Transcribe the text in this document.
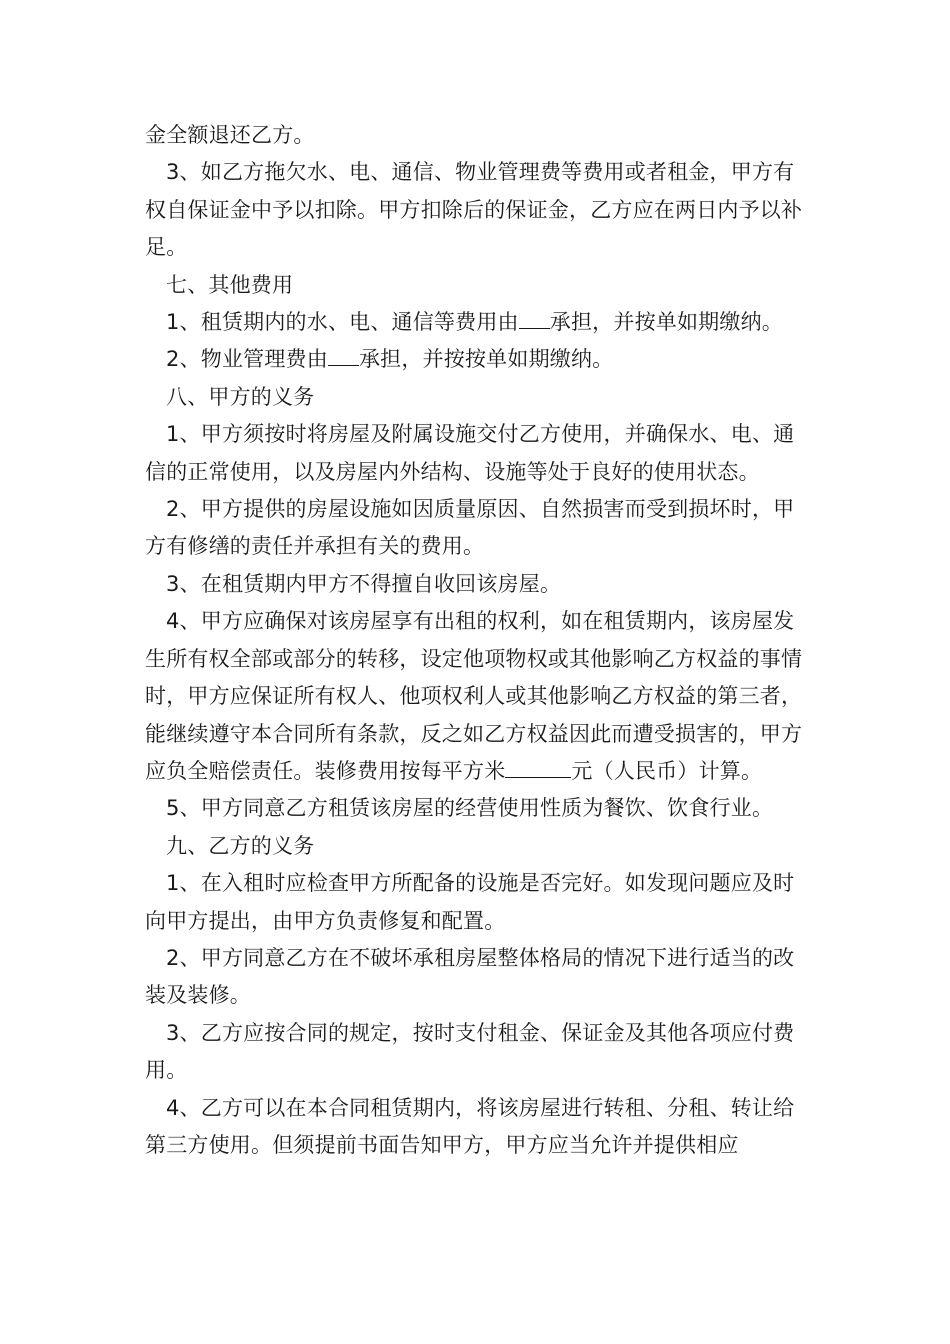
金全额退还乙方。

3、如乙方拖欠水、电、通信、物业管理费等费用或者租金，甲方有权自保证金中予以扣除。甲方扣除后的保证金，乙方应在两日内予以补足。

七、其他费用

1、租赁期内的水、电、通信等费用由 承担，并按单如期缴纳。

2、物业管理费由 承担，并按按单如期缴纳。

八、甲方的义务

1、甲方须按时将房屋及附属设施交付乙方使用，并确保水、电、通信的正常使用，以及房屋内外结构、设施等处于良好的使用状态。

2、甲方提供的房屋设施如因质量原因、自然损害而受到损坏时，甲方有修缮的责任并承担有关的费用。

3、在租赁期内甲方不得擅自收回该房屋。

4、甲方应确保对该房屋享有出租的权利，如在租赁期内，该房屋发生所有权全部或部分的转移，设定他项物权或其他影响乙方权益的事情时，甲方应保证所有权人、他项权利人或其他影响乙方权益的第三者，能继续遵守本合同所有条款，反之如乙方权益因此而遭受损害的，甲方应负全赔偿责任。装修费用按每平方米	元（人民币）计算。

5、甲方同意乙方租赁该房屋的经营使用性质为餐饮、饮食行业。

九、乙方的义务

1、在入租时应检查甲方所配备的设施是否完好。如发现问题应及时向甲方提出，由甲方负责修复和配置。

2、甲方同意乙方在不破坏承租房屋整体格局的情况下进行适当的改装及装修。

3、乙方应按合同的规定，按时支付租金、保证金及其他各项应付费用。

4、乙方可以在本合同租赁期内，将该房屋进行转租、分租、转让给第三方使用。但须提前书面告知甲方，甲方应当允许并提供相应
